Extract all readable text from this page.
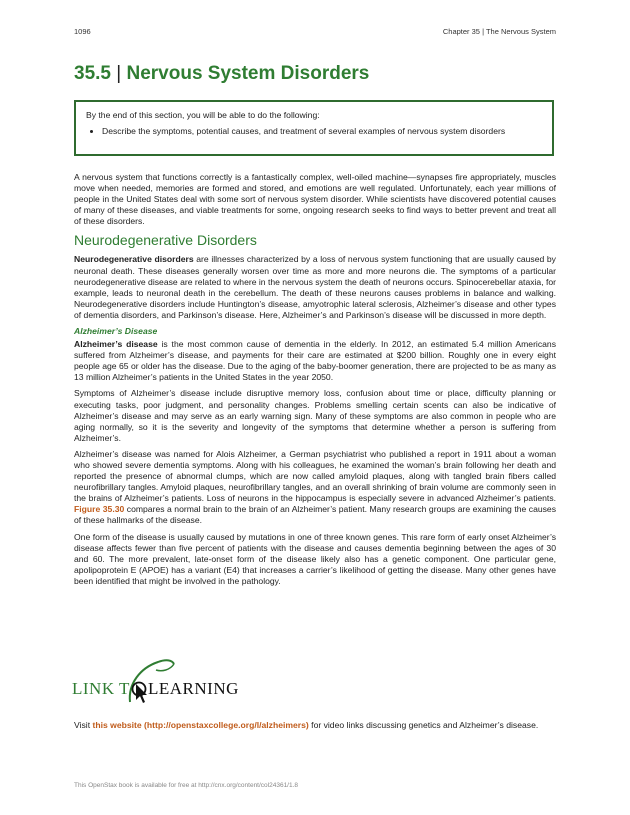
1096	Chapter 35 | The Nervous System
35.5 | Nervous System Disorders

By the end of this section, you will be able to do the following:

• Describe the symptoms, potential causes, and treatment of several examples of nervous system disorders

A nervous system that functions correctly is a fantastically complex, well-oiled machine—synapses fire appropriately, muscles move when needed, memories are formed and stored, and emotions are well regulated. Unfortunately, each year millions of people in the United States deal with some sort of nervous system disorder. While scientists have discovered potential causes of many of these diseases, and viable treatments for some, ongoing research seeks to find ways to better prevent and treat all of these disorders.

Neurodegenerative Disorders

Neurodegenerative disorders are illnesses characterized by a loss of nervous system functioning that are usually caused by neuronal death. These diseases generally worsen over time as more and more neurons die. The symptoms of a particular neurodegenerative disease are related to where in the nervous system the death of neurons occurs. Spinocerebellar ataxia, for example, leads to neuronal death in the cerebellum. The death of these neurons causes problems in balance and walking. Neurodegenerative disorders include Huntington’s disease, amyotrophic lateral sclerosis, Alzheimer’s disease and other types of dementia disorders, and Parkinson’s disease. Here, Alzheimer’s and Parkinson’s disease will be discussed in more depth.

Alzheimer’s Disease

Alzheimer’s disease is the most common cause of dementia in the elderly. In 2012, an estimated 5.4 million Americans suffered from Alzheimer’s disease, and payments for their care are estimated at $200 billion. Roughly one in every eight people age 65 or older has the disease. Due to the aging of the baby-boomer generation, there are projected to be as many as 13 million Alzheimer’s patients in the United States in the year 2050.

Symptoms of Alzheimer’s disease include disruptive memory loss, confusion about time or place, difficulty planning or executing tasks, poor judgment, and personality changes. Problems smelling certain scents can also be indicative of Alzheimer’s disease and may serve as an early warning sign. Many of these symptoms are also common in people who are aging normally, so it is the severity and longevity of the symptoms that determine whether a person is suffering from Alzheimer’s.

Alzheimer’s disease was named for Alois Alzheimer, a German psychiatrist who published a report in 1911 about a woman who showed severe dementia symptoms. Along with his colleagues, he examined the woman’s brain following her death and reported the presence of abnormal clumps, which are now called amyloid plaques, along with tangled brain fibers called neurofibrillary tangles. Amyloid plaques, neurofibrillary tangles, and an overall shrinking of brain volume are commonly seen in the brains of Alzheimer’s patients. Loss of neurons in the hippocampus is especially severe in advanced Alzheimer’s patients. Figure 35.30 compares a normal brain to the brain of an Alzheimer’s patient. Many research groups are examining the causes of these hallmarks of the disease.

One form of the disease is usually caused by mutations in one of three known genes. This rare form of early onset Alzheimer’s disease affects fewer than five percent of patients with the disease and causes dementia beginning between the ages of 30 and 60. The more prevalent, late-onset form of the disease likely also has a genetic component. One particular gene, apolipoprotein E (APOE) has a variant (E4) that increases a carrier’s likelihood of getting the disease. Many other genes have been identified that might be involved in the pathology.

LINK T LEARNING

Visit this website (http://openstaxcollege.org/l/alzheimers) for video links discussing genetics and Alzheimer’s disease.

This OpenStax book is available for free at http://cnx.org/content/col24361/1.8
